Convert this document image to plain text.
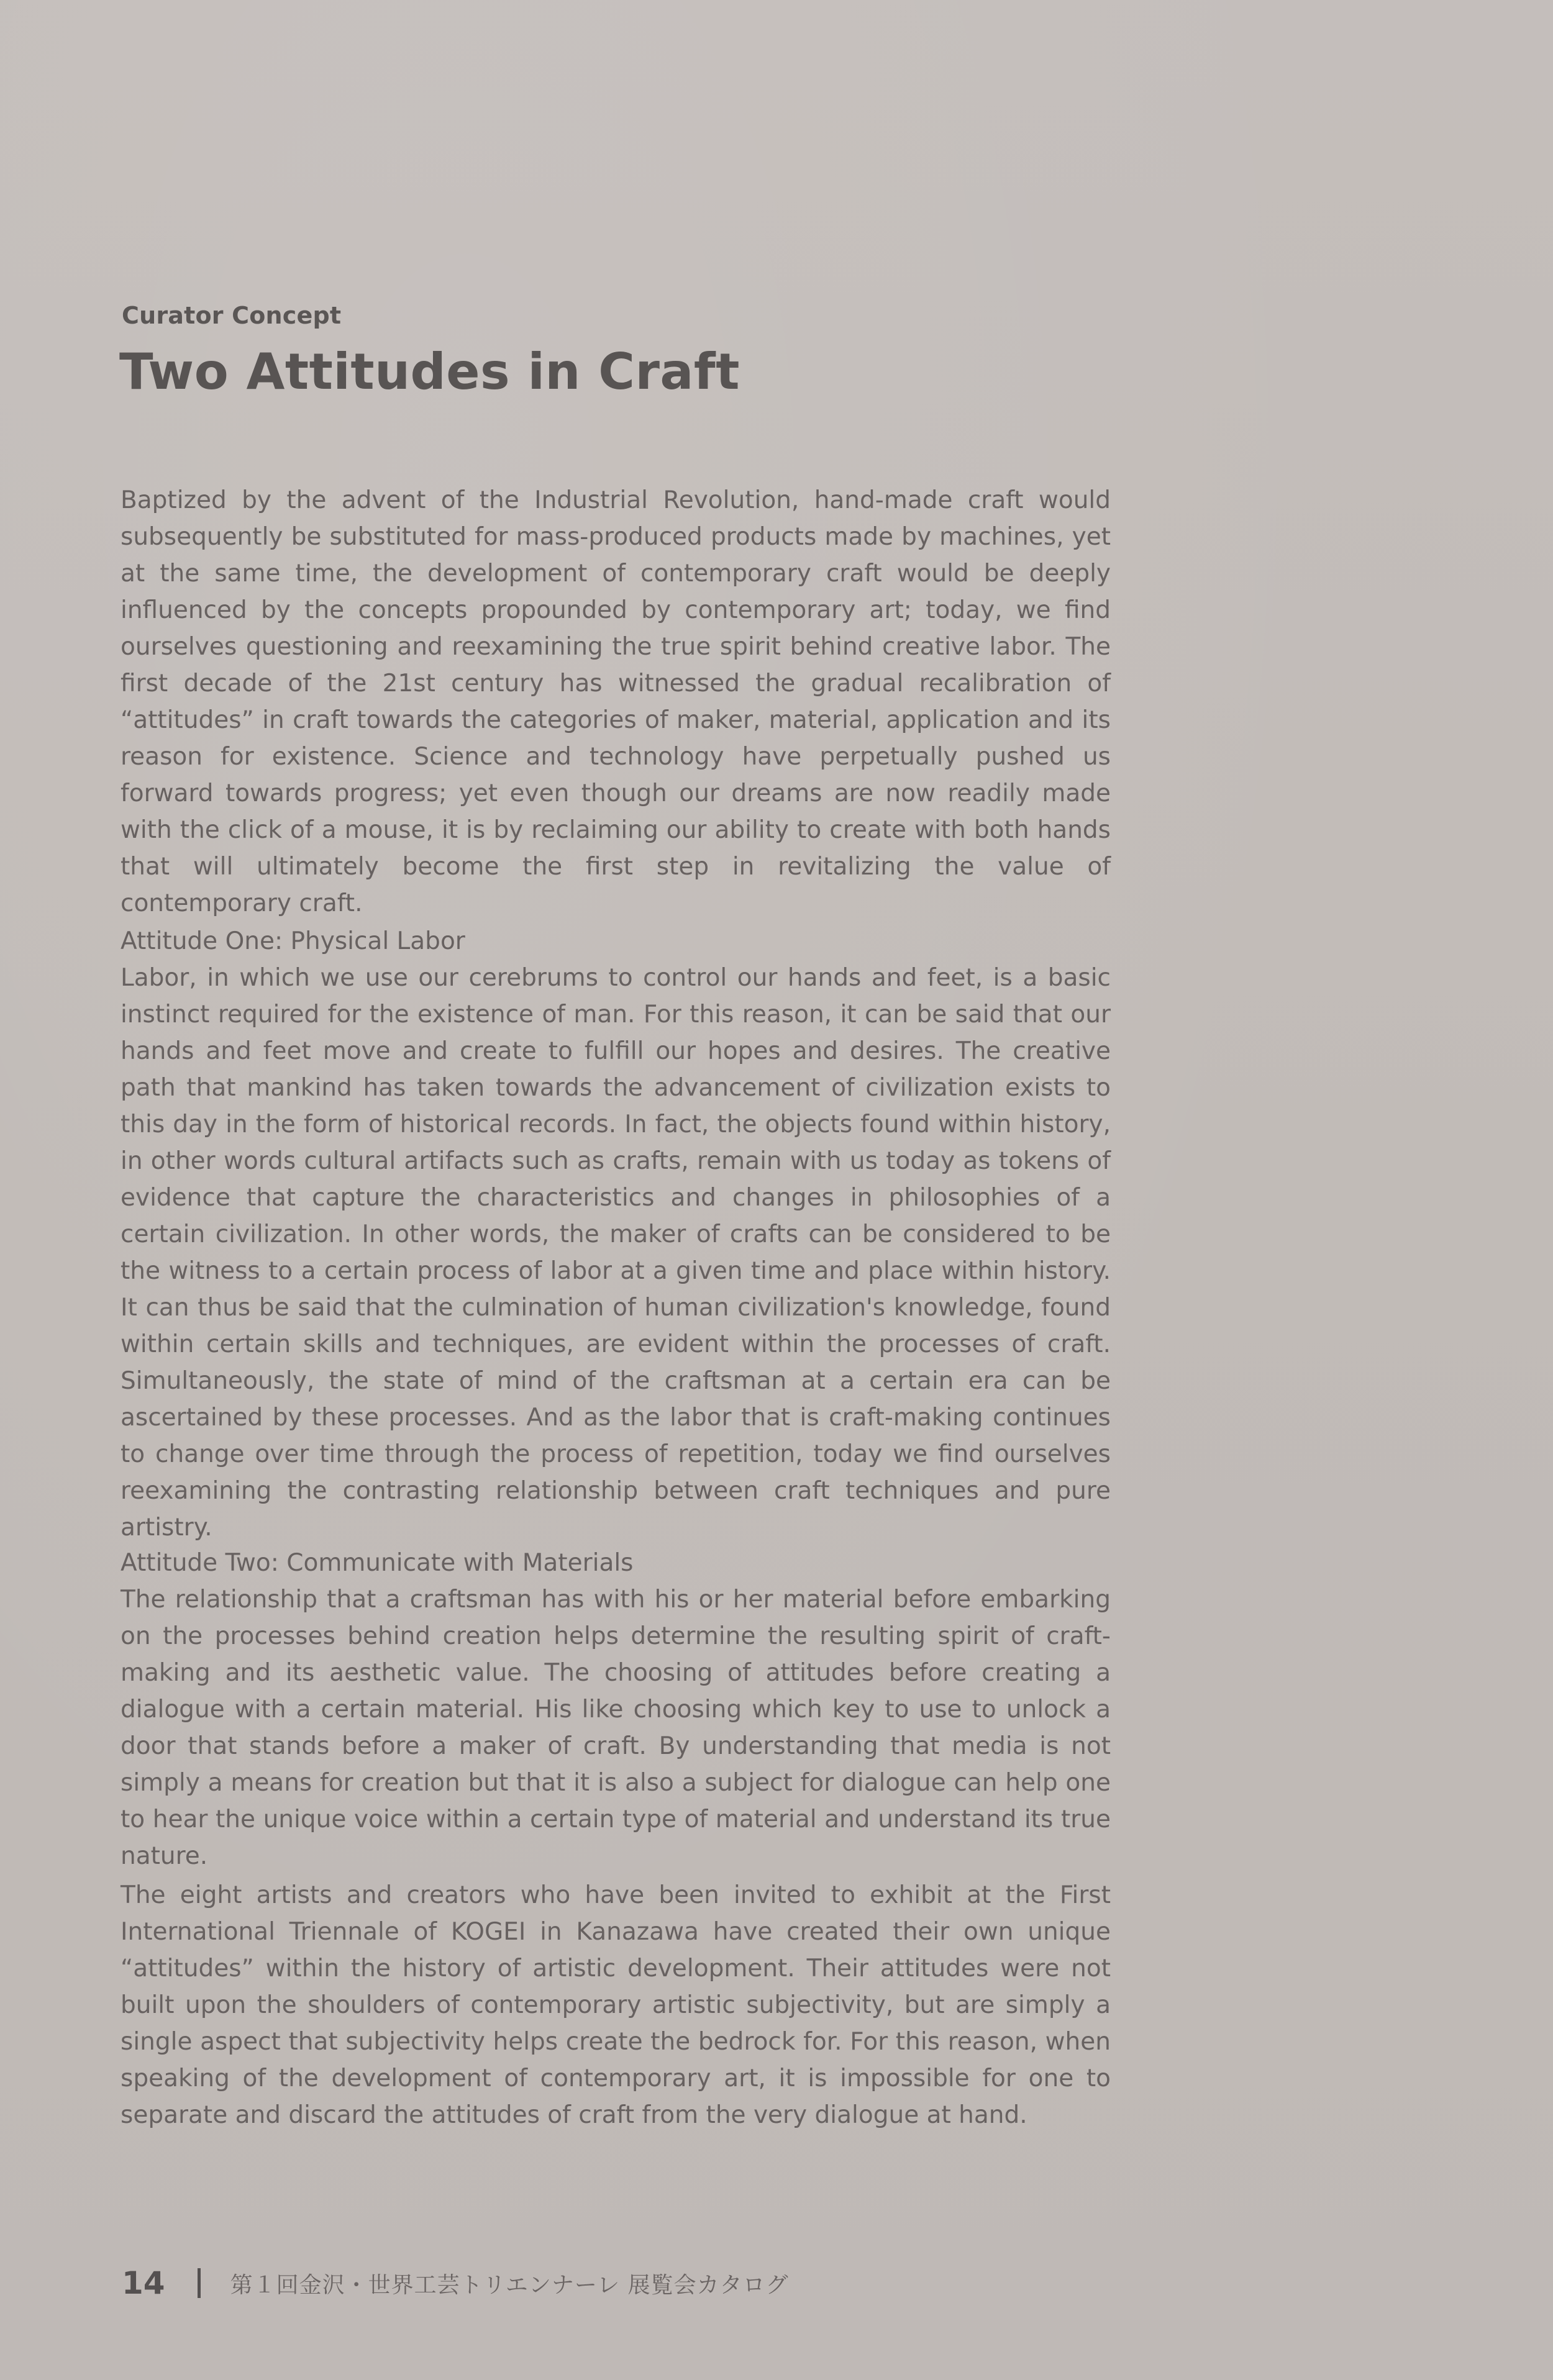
Curator Concept
Two Attitudes in Craft

Baptized by the advent of the Industrial Revolution, hand-made craft would subsequently be substituted for mass-produced products made by machines, yet at the same time, the development of contemporary craft would be deeply influenced by the concepts propounded by contemporary art; today, we find ourselves questioning and reexamining the true spirit behind creative labor. The first decade of the 21st century has witnessed the gradual recalibration of “attitudes” in craft towards the categories of maker, material, application and its reason for existence. Science and technology have perpetually pushed us forward towards progress; yet even though our dreams are now readily made with the click of a mouse, it is by reclaiming our ability to create with both hands that will ultimately become the first step in revitalizing the value of contemporary craft.

Attitude One: Physical Labor
Labor, in which we use our cerebrums to control our hands and feet, is a basic instinct required for the existence of man. For this reason, it can be said that our hands and feet move and create to fulfill our hopes and desires. The creative path that mankind has taken towards the advancement of civilization exists to this day in the form of historical records. In fact, the objects found within history, in other words cultural artifacts such as crafts, remain with us today as tokens of evidence that capture the characteristics and changes in philosophies of a certain civilization. In other words, the maker of crafts can be considered to be the witness to a certain process of labor at a given time and place within history. It can thus be said that the culmination of human civilization's knowledge, found within certain skills and techniques, are evident within the processes of craft. Simultaneously, the state of mind of the craftsman at a certain era can be ascertained by these processes. And as the labor that is craft-making continues to change over time through the process of repetition, today we find ourselves reexamining the contrasting relationship between craft techniques and pure artistry.
Attitude Two: Communicate with Materials
The relationship that a craftsman has with his or her material before embarking on the processes behind creation helps determine the resulting spirit of craft-making and its aesthetic value. The choosing of attitudes before creating a dialogue with a certain material. His like choosing which key to use to unlock a door that stands before a maker of craft. By understanding that media is not simply a means for creation but that it is also a subject for dialogue can help one to hear the unique voice within a certain type of material and understand its true nature.

The eight artists and creators who have been invited to exhibit at the First International Triennale of KOGEI in Kanazawa have created their own unique “attitudes” within the history of artistic development. Their attitudes were not built upon the shoulders of contemporary artistic subjectivity, but are simply a single aspect that subjectivity helps create the bedrock for. For this reason, when speaking of the development of contemporary art, it is impossible for one to separate and discard the attitudes of craft from the very dialogue at hand.

14	第１回金沢・世界工芸トリエンナーレ 展覧会カタログ
